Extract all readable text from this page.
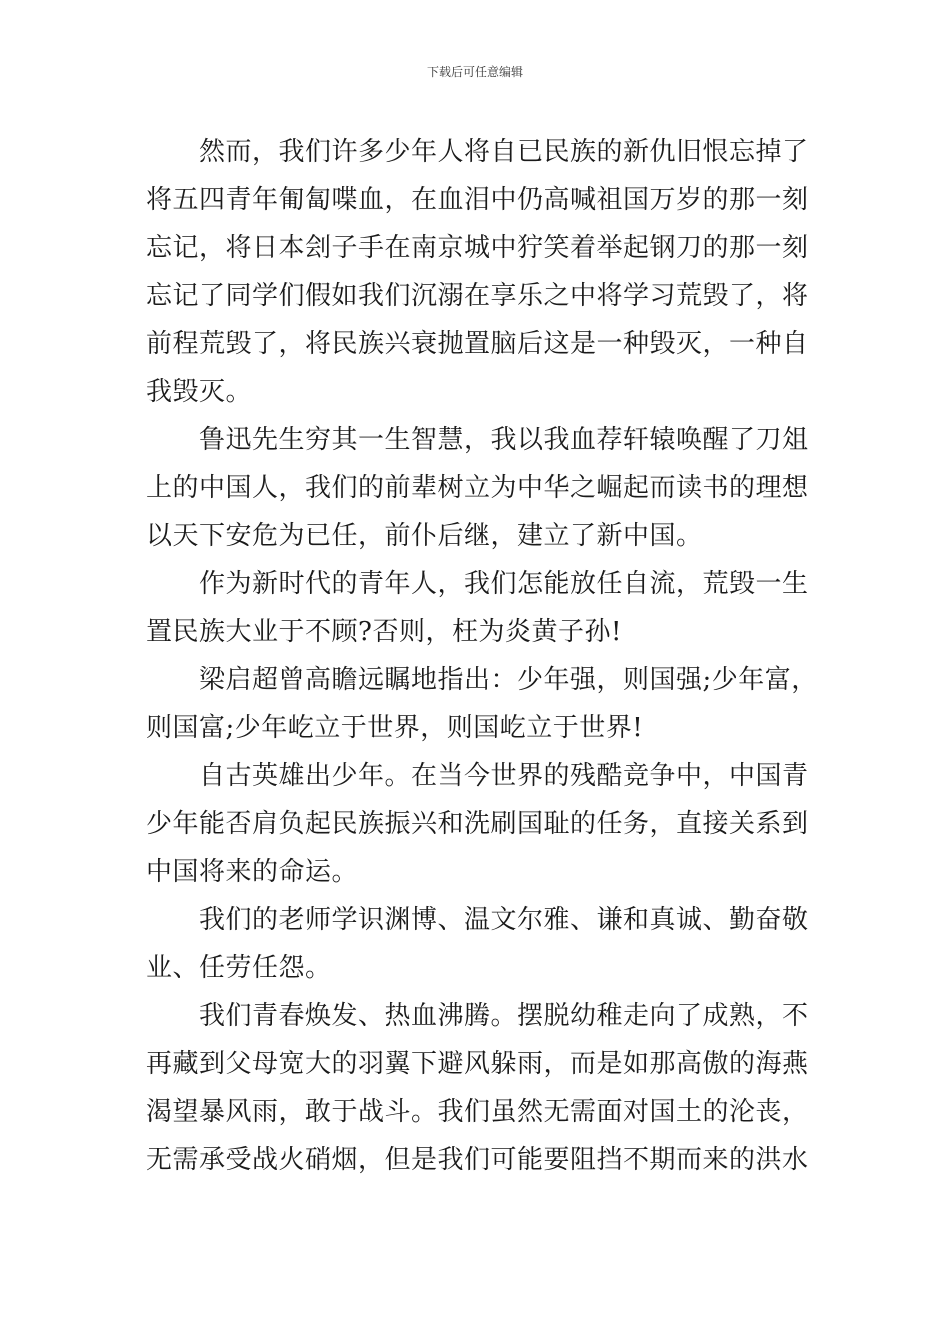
下载后可任意编辑
然而，我们许多少年人将自已民族的新仇旧恨忘掉了
将五四青年匍匐喋血，在血泪中仍高喊祖国万岁的那一刻
忘记，将日本刽子手在南京城中狞笑着举起钢刀的那一刻
忘记了同学们假如我们沉溺在享乐之中将学习荒毁了，将
前程荒毁了，将民族兴衰抛置脑后这是一种毁灭，一种自
我毁灭。
鲁迅先生穷其一生智慧，我以我血荐轩辕唤醒了刀俎
上的中国人，我们的前辈树立为中华之崛起而读书的理想
以天下安危为已任，前仆后继，建立了新中国。
作为新时代的青年人，我们怎能放任自流，荒毁一生
置民族大业于不顾?否则，枉为炎黄子孙!
梁启超曾高瞻远瞩地指出：少年强，则国强;少年富，
则国富;少年屹立于世界，则国屹立于世界!
自古英雄出少年。在当今世界的残酷竞争中，中国青
少年能否肩负起民族振兴和洗刷国耻的任务，直接关系到
中国将来的命运。
我们的老师学识渊博、温文尔雅、谦和真诚、勤奋敬
业、任劳任怨。
我们青春焕发、热血沸腾。摆脱幼稚走向了成熟，不
再藏到父母宽大的羽翼下避风躲雨，而是如那高傲的海燕
渴望暴风雨，敢于战斗。我们虽然无需面对国土的沦丧，
无需承受战火硝烟，但是我们可能要阻挡不期而来的洪水
